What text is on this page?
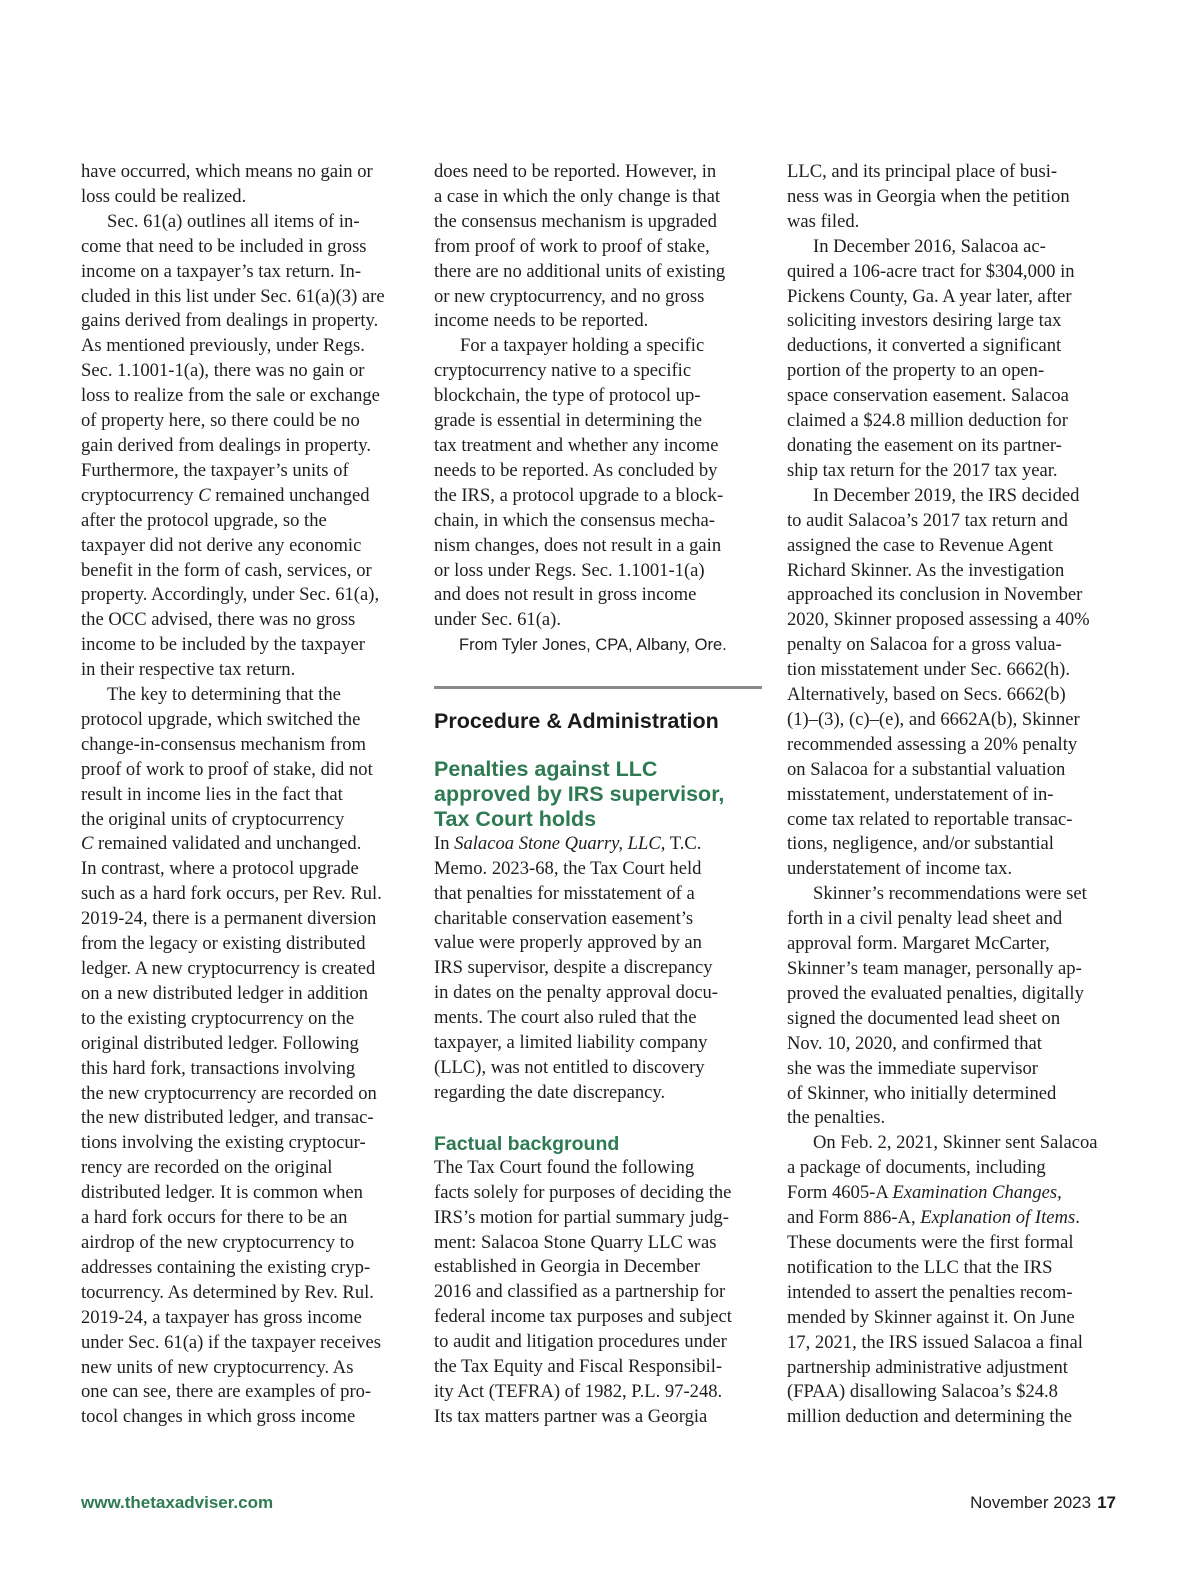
have occurred, which means no gain or
loss could be realized.
Sec. 61(a) outlines all items of in-
come that need to be included in gross
income on a taxpayer’s tax return. In-
cluded in this list under Sec. 61(a)(3) are
gains derived from dealings in property.
As mentioned previously, under Regs.
Sec. 1.1001-1(a), there was no gain or
loss to realize from the sale or exchange
of property here, so there could be no
gain derived from dealings in property.
Furthermore, the taxpayer’s units of
cryptocurrency C remained unchanged
after the protocol upgrade, so the
taxpayer did not derive any economic
benefit in the form of cash, services, or
property. Accordingly, under Sec. 61(a),
the OCC advised, there was no gross
income to be included by the taxpayer
in their respective tax return.
The key to determining that the
protocol upgrade, which switched the
change-in-consensus mechanism from
proof of work to proof of stake, did not
result in income lies in the fact that
the original units of cryptocurrency
C remained validated and unchanged.
In contrast, where a protocol upgrade
such as a hard fork occurs, per Rev. Rul.
2019-24, there is a permanent diversion
from the legacy or existing distributed
ledger. A new cryptocurrency is created
on a new distributed ledger in addition
to the existing cryptocurrency on the
original distributed ledger. Following
this hard fork, transactions involving
the new cryptocurrency are recorded on
the new distributed ledger, and transac-
tions involving the existing cryptocur-
rency are recorded on the original
distributed ledger. It is common when
a hard fork occurs for there to be an
airdrop of the new cryptocurrency to
addresses containing the existing cryp-
tocurrency. As determined by Rev. Rul.
2019-24, a taxpayer has gross income
under Sec. 61(a) if the taxpayer receives
new units of new cryptocurrency. As
one can see, there are examples of pro-
tocol changes in which gross income
does need to be reported. However, in
a case in which the only change is that
the consensus mechanism is upgraded
from proof of work to proof of stake,
there are no additional units of existing
or new cryptocurrency, and no gross
income needs to be reported.
For a taxpayer holding a specific
cryptocurrency native to a specific
blockchain, the type of protocol up-
grade is essential in determining the
tax treatment and whether any income
needs to be reported. As concluded by
the IRS, a protocol upgrade to a block-
chain, in which the consensus mecha-
nism changes, does not result in a gain
or loss under Regs. Sec. 1.1001-1(a)
and does not result in gross income
under Sec. 61(a).
From Tyler Jones, CPA, Albany, Ore.
Procedure & Administration
Penalties against LLC
approved by IRS supervisor,
Tax Court holds
In Salacoa Stone Quarry, LLC, T.C.
Memo. 2023-68, the Tax Court held
that penalties for misstatement of a
charitable conservation easement’s
value were properly approved by an
IRS supervisor, despite a discrepancy
in dates on the penalty approval docu-
ments. The court also ruled that the
taxpayer, a limited liability company
(LLC), was not entitled to discovery
regarding the date discrepancy.
Factual background
The Tax Court found the following
facts solely for purposes of deciding the
IRS’s motion for partial summary judg-
ment: Salacoa Stone Quarry LLC was
established in Georgia in December
2016 and classified as a partnership for
federal income tax purposes and subject
to audit and litigation procedures under
the Tax Equity and Fiscal Responsibil-
ity Act (TEFRA) of 1982, P.L. 97-248.
Its tax matters partner was a Georgia
LLC, and its principal place of busi-
ness was in Georgia when the petition
was filed.
In December 2016, Salacoa ac-
quired a 106-acre tract for $304,000 in
Pickens County, Ga. A year later, after
soliciting investors desiring large tax
deductions, it converted a significant
portion of the property to an open-
space conservation easement. Salacoa
claimed a $24.8 million deduction for
donating the easement on its partner-
ship tax return for the 2017 tax year.
In December 2019, the IRS decided
to audit Salacoa’s 2017 tax return and
assigned the case to Revenue Agent
Richard Skinner. As the investigation
approached its conclusion in November
2020, Skinner proposed assessing a 40%
penalty on Salacoa for a gross valua-
tion misstatement under Sec. 6662(h).
Alternatively, based on Secs. 6662(b)
(1)–(3), (c)–(e), and 6662A(b), Skinner
recommended assessing a 20% penalty
on Salacoa for a substantial valuation
misstatement, understatement of in-
come tax related to reportable transac-
tions, negligence, and/or substantial
understatement of income tax.
Skinner’s recommendations were set
forth in a civil penalty lead sheet and
approval form. Margaret McCarter,
Skinner’s team manager, personally ap-
proved the evaluated penalties, digitally
signed the documented lead sheet on
Nov. 10, 2020, and confirmed that
she was the immediate supervisor
of Skinner, who initially determined
the penalties.
On Feb. 2, 2021, Skinner sent Salacoa
a package of documents, including
Form 4605-A Examination Changes,
and Form 886-A, Explanation of Items.
These documents were the first formal
notification to the LLC that the IRS
intended to assert the penalties recom-
mended by Skinner against it. On June
17, 2021, the IRS issued Salacoa a final
partnership administrative adjustment
(FPAA) disallowing Salacoa’s $24.8
million deduction and determining the
www.thetaxadviser.com	November 2023 17
